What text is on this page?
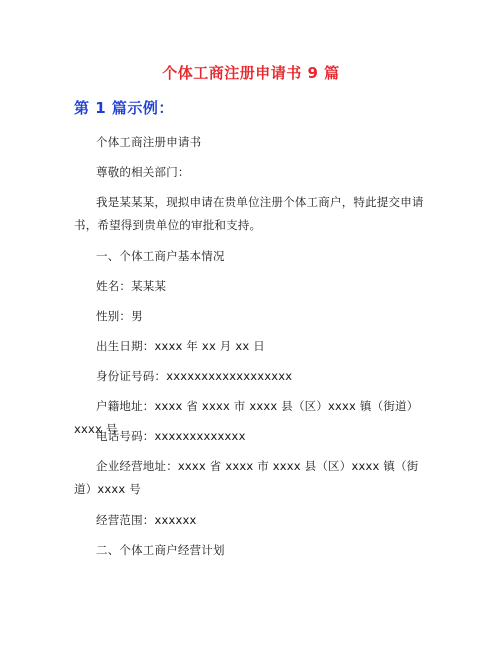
个体工商注册申请书 9 篇
第 1 篇示例：

个体工商注册申请书

尊敬的相关部门：

我是某某某，现拟申请在贵单位注册个体工商户，特此提交申请书，希望得到贵单位的审批和支持。

一、个体工商户基本情况

姓名：某某某

性别：男

出生日期：xxxx 年 xx 月 xx 日

身份证号码：xxxxxxxxxxxxxxxxxx

户籍地址：xxxx 省 xxxx 市 xxxx 县（区）xxxx 镇（街道）xxxx 号

电话号码：xxxxxxxxxxxxx

企业经营地址：xxxx 省 xxxx 市 xxxx 县（区）xxxx 镇（街道）xxxx 号

经营范围：xxxxxx

二、个体工商户经营计划
